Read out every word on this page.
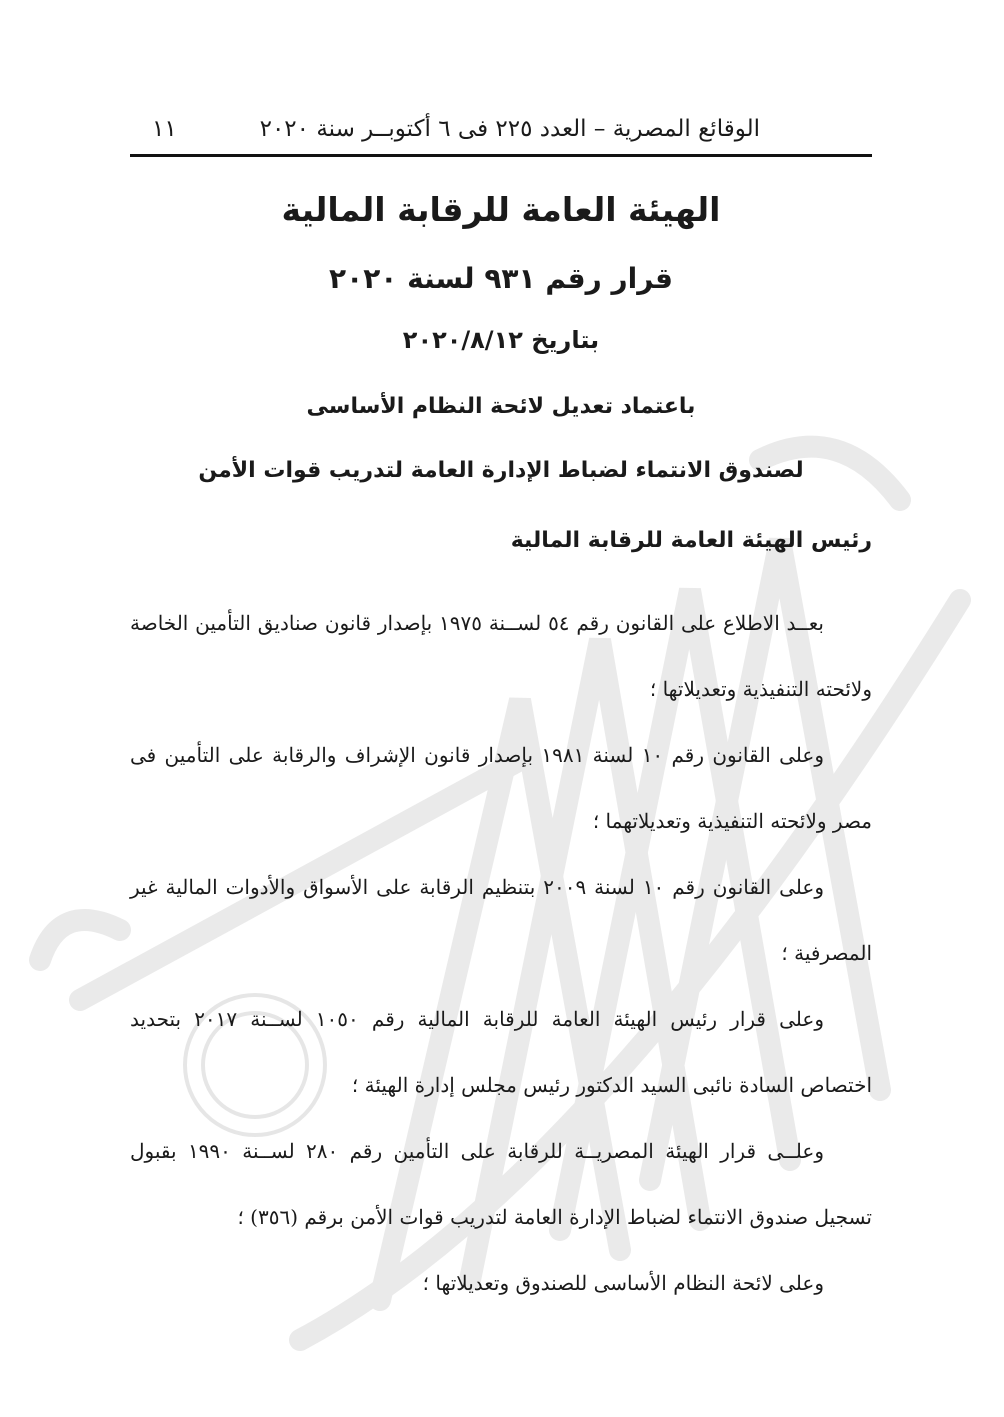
الوقائع المصرية – العدد ٢٢٥ فى ٦ أكتوبــر سنة ٢٠٢٠
١١
الهيئة العامة للرقابة المالية
قرار رقم ٩٣١ لسنة ٢٠٢٠
بتاريخ ٢٠٢٠/٨/١٢
باعتماد تعديل لائحة النظام الأساسى
لصندوق الانتماء لضباط الإدارة العامة لتدريب قوات الأمن
رئيس الهيئة العامة للرقابة المالية

بعــد الاطلاع على القانون رقم ٥٤ لســنة ١٩٧٥ بإصدار قانون صناديق التأمين الخاصة ولائحته التنفيذية وتعديلاتها ؛

وعلى القانون رقم ١٠ لسنة ١٩٨١ بإصدار قانون الإشراف والرقابة على التأمين فى مصر ولائحته التنفيذية وتعديلاتهما ؛

وعلى القانون رقم ١٠ لسنة ٢٠٠٩ بتنظيم الرقابة على الأسواق والأدوات المالية غير المصرفية ؛

وعلى قرار رئيس الهيئة العامة للرقابة المالية رقم ١٠٥٠ لســنة ٢٠١٧ بتحديد اختصاص السادة نائبى السيد الدكتور رئيس مجلس إدارة الهيئة ؛

وعلــى قرار الهيئة المصريــة للرقابة على التأمين رقم ٢٨٠ لســنة ١٩٩٠ بقبول تسجيل صندوق الانتماء لضباط الإدارة العامة لتدريب قوات الأمن برقم (٣٥٦) ؛

وعلى لائحة النظام الأساسى للصندوق وتعديلاتها ؛
